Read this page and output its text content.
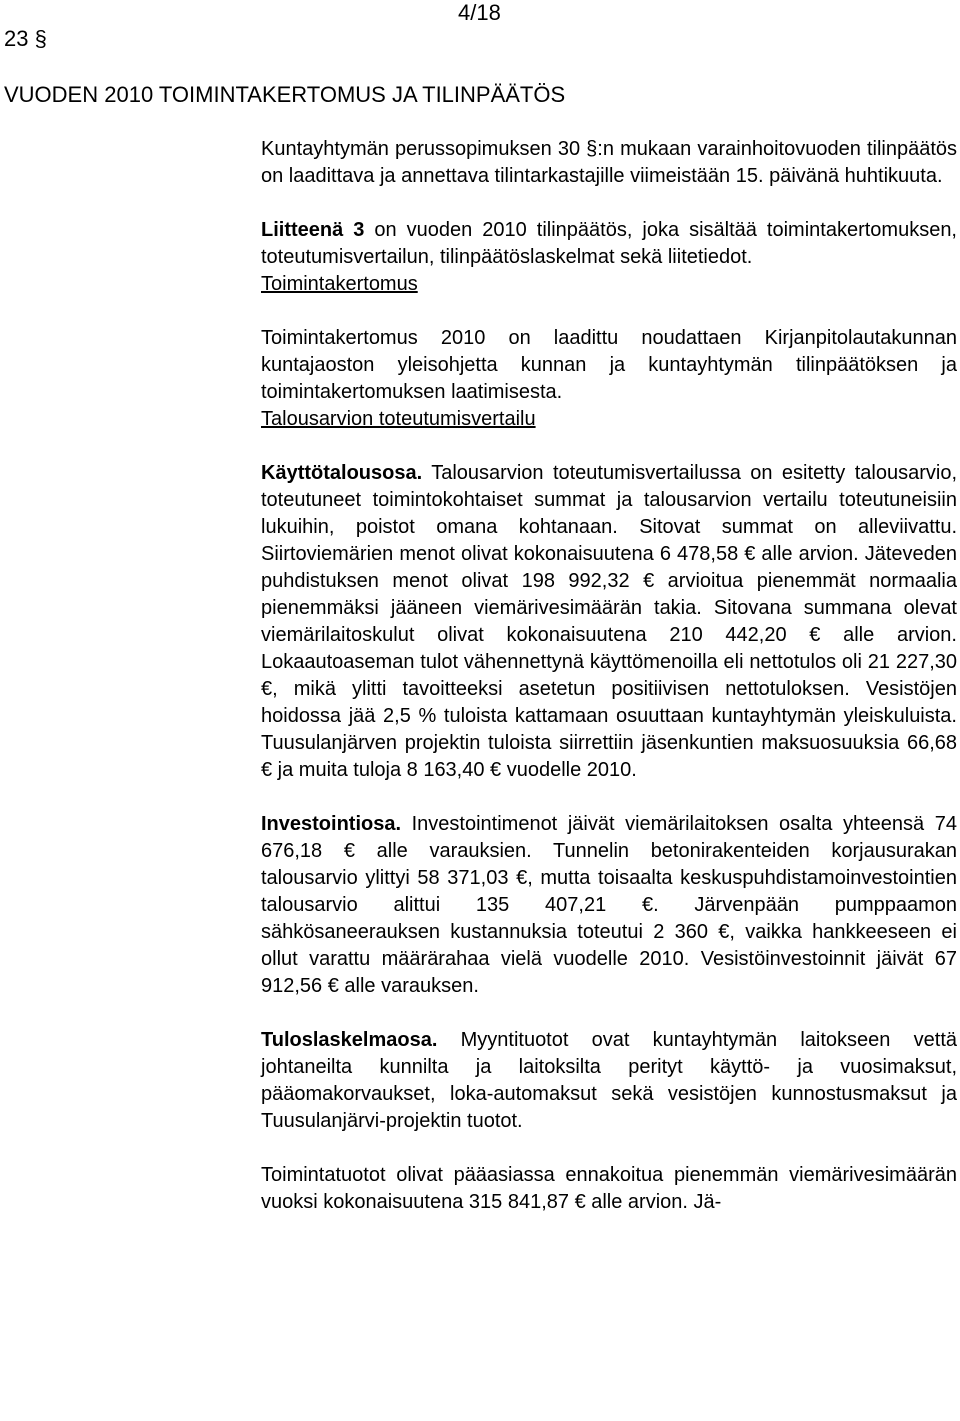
4/18
23 §
VUODEN 2010 TOIMINTAKERTOMUS JA TILINPÄÄTÖS

Kuntayhtymän perussopimuksen 30 §:n mukaan varainhoitovuoden tilinpäätös on laadittava ja annettava tilintarkastajille viimeistään 15. päivänä huhtikuuta.

Liitteenä 3 on vuoden 2010 tilinpäätös, joka sisältää toimintakertomuksen, toteutumisvertailun, tilinpäätöslaskelmat sekä liitetiedot.

Toimintakertomus

Toimintakertomus 2010 on laadittu noudattaen Kirjanpitolautakunnan kuntajaoston yleisohjetta kunnan ja kuntayhtymän tilinpäätöksen ja toimintakertomuksen laatimisesta.

Talousarvion toteutumisvertailu

Käyttötalousosa. Talousarvion toteutumisvertailussa on esitetty talousarvio, toteutuneet toimintokohtaiset summat ja talousarvion vertailu toteutuneisiin lukuihin, poistot omana kohtanaan. Sitovat summat on alleviivattu. Siirtoviemärien menot olivat kokonaisuutena 6 478,58 € alle arvion. Jäteveden puhdistuksen menot olivat 198 992,32 € arvioitua pienemmät normaalia pienemmäksi jääneen viemärivesimäärän takia. Sitovana summana olevat viemärilaitoskulut olivat kokonaisuutena 210 442,20 € alle arvion. Lokaautoaseman tulot vähennettynä käyttömenoilla eli nettotulos oli 21 227,30 €, mikä ylitti tavoitteeksi asetetun positiivisen nettotuloksen. Vesistöjen hoidossa jää 2,5 % tuloista kattamaan osuuttaan kuntayhtymän yleiskuluista. Tuusulanjärven projektin tuloista siirrettiin jäsenkuntien maksuosuuksia 66,68 € ja muita tuloja 8 163,40 € vuodelle 2010.

Investointiosa. Investointimenot jäivät viemärilaitoksen osalta yhteensä 74 676,18 € alle varauksien. Tunnelin betonirakenteiden korjausurakan talousarvio ylittyi 58 371,03 €, mutta toisaalta keskuspuhdistamoinvestointien talousarvio alittui 135 407,21 €. Järvenpään pumppaamon sähkösaneerauksen kustannuksia toteutui 2 360 €, vaikka hankkeeseen ei ollut varattu määrärahaa vielä vuodelle 2010. Vesistöinvestoinnit jäivät 67 912,56 € alle varauksen.

Tuloslaskelmaosa. Myyntituotot ovat kuntayhtymän laitokseen vettä johtaneilta kunnilta ja laitoksilta perityt käyttö- ja vuosimaksut, pääomakorvaukset, loka-automaksut sekä vesistöjen kunnostusmaksut ja Tuusulanjärvi-projektin tuotot.

Toimintatuotot olivat pääasiassa ennakoitua pienemmän viemärivesimäärän vuoksi kokonaisuutena 315 841,87 € alle arvion. Jä-
